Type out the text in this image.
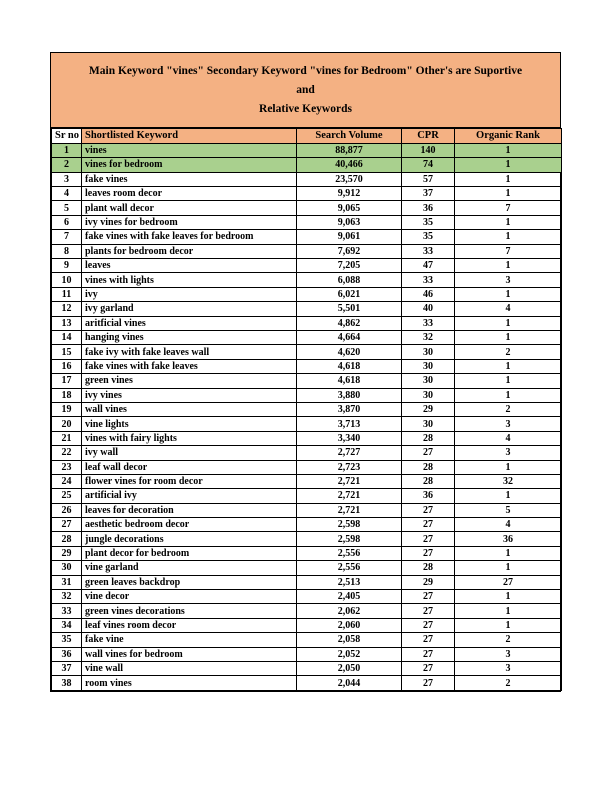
Main Keyword "vines" Secondary Keyword "vines for Bedroom" Other's are Suportive and
Relative Keywords
Sr no	Shortlisted Keyword	Search Volume	CPR	Organic Rank
1	vines	88,877	140	1
2	vines for bedroom	40,466	74	1
3	fake vines	23,570	57	1
4	leaves room decor	9,912	37	1
5	plant wall decor	9,065	36	7
6	ivy vines for bedroom	9,063	35	1
7	fake vines with fake leaves for bedroom	9,061	35	1
8	plants for bedroom decor	7,692	33	7
9	leaves	7,205	47	1
10	vines with lights	6,088	33	3
11	ivy	6,021	46	1
12	ivy garland	5,501	40	4
13	aritficial vines	4,862	33	1
14	hanging vines	4,664	32	1
15	fake ivy with fake leaves wall	4,620	30	2
16	fake vines with fake leaves	4,618	30	1
17	green vines	4,618	30	1
18	ivy vines	3,880	30	1
19	wall vines	3,870	29	2
20	vine lights	3,713	30	3
21	vines with fairy lights	3,340	28	4
22	ivy wall	2,727	27	3
23	leaf wall decor	2,723	28	1
24	flower vines for room decor	2,721	28	32
25	artificial ivy	2,721	36	1
26	leaves for decoration	2,721	27	5
27	aesthetic bedroom decor	2,598	27	4
28	jungle decorations	2,598	27	36
29	plant decor for bedroom	2,556	27	1
30	vine garland	2,556	28	1
31	green leaves backdrop	2,513	29	27
32	vine decor	2,405	27	1
33	green vines decorations	2,062	27	1
34	leaf vines room decor	2,060	27	1
35	fake vine	2,058	27	2
36	wall vines for bedroom	2,052	27	3
37	vine wall	2,050	27	3
38	room vines	2,044	27	2
